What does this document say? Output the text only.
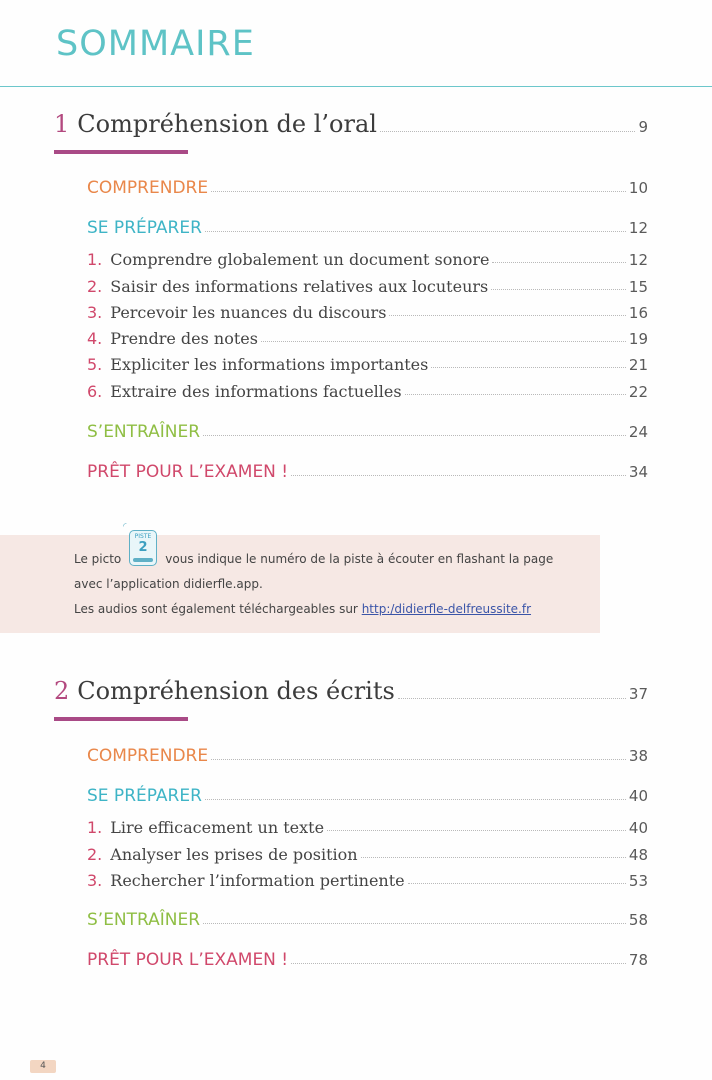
SOMMAIRE
1 Compréhension de l’oral	9
COMPRENDRE	10
SE PRÉPARER	12
1. Comprendre globalement un document sonore	12
2. Saisir des informations relatives aux locuteurs	15
3. Percevoir les nuances du discours	16
4. Prendre des notes	19
5. Expliciter les informations importantes	21
6. Extraire des informations factuelles	22
S’ENTRAÎNER	24
PRÊT POUR L’EXAMEN !	34

Le picto	vous indique le numéro de la piste à écouter en flashant la page

avec l’application didierfle.app.

Les audios sont également téléchargeables sur http:/didierfle-delfreussite.fr

◜
PISTE
2
2 Compréhension des écrits	37
COMPRENDRE	38
SE PRÉPARER	40
1. Lire efficacement un texte	40
2. Analyser les prises de position	48
3. Rechercher l’information pertinente	53
S’ENTRAÎNER	58
PRÊT POUR L’EXAMEN !	78
4
